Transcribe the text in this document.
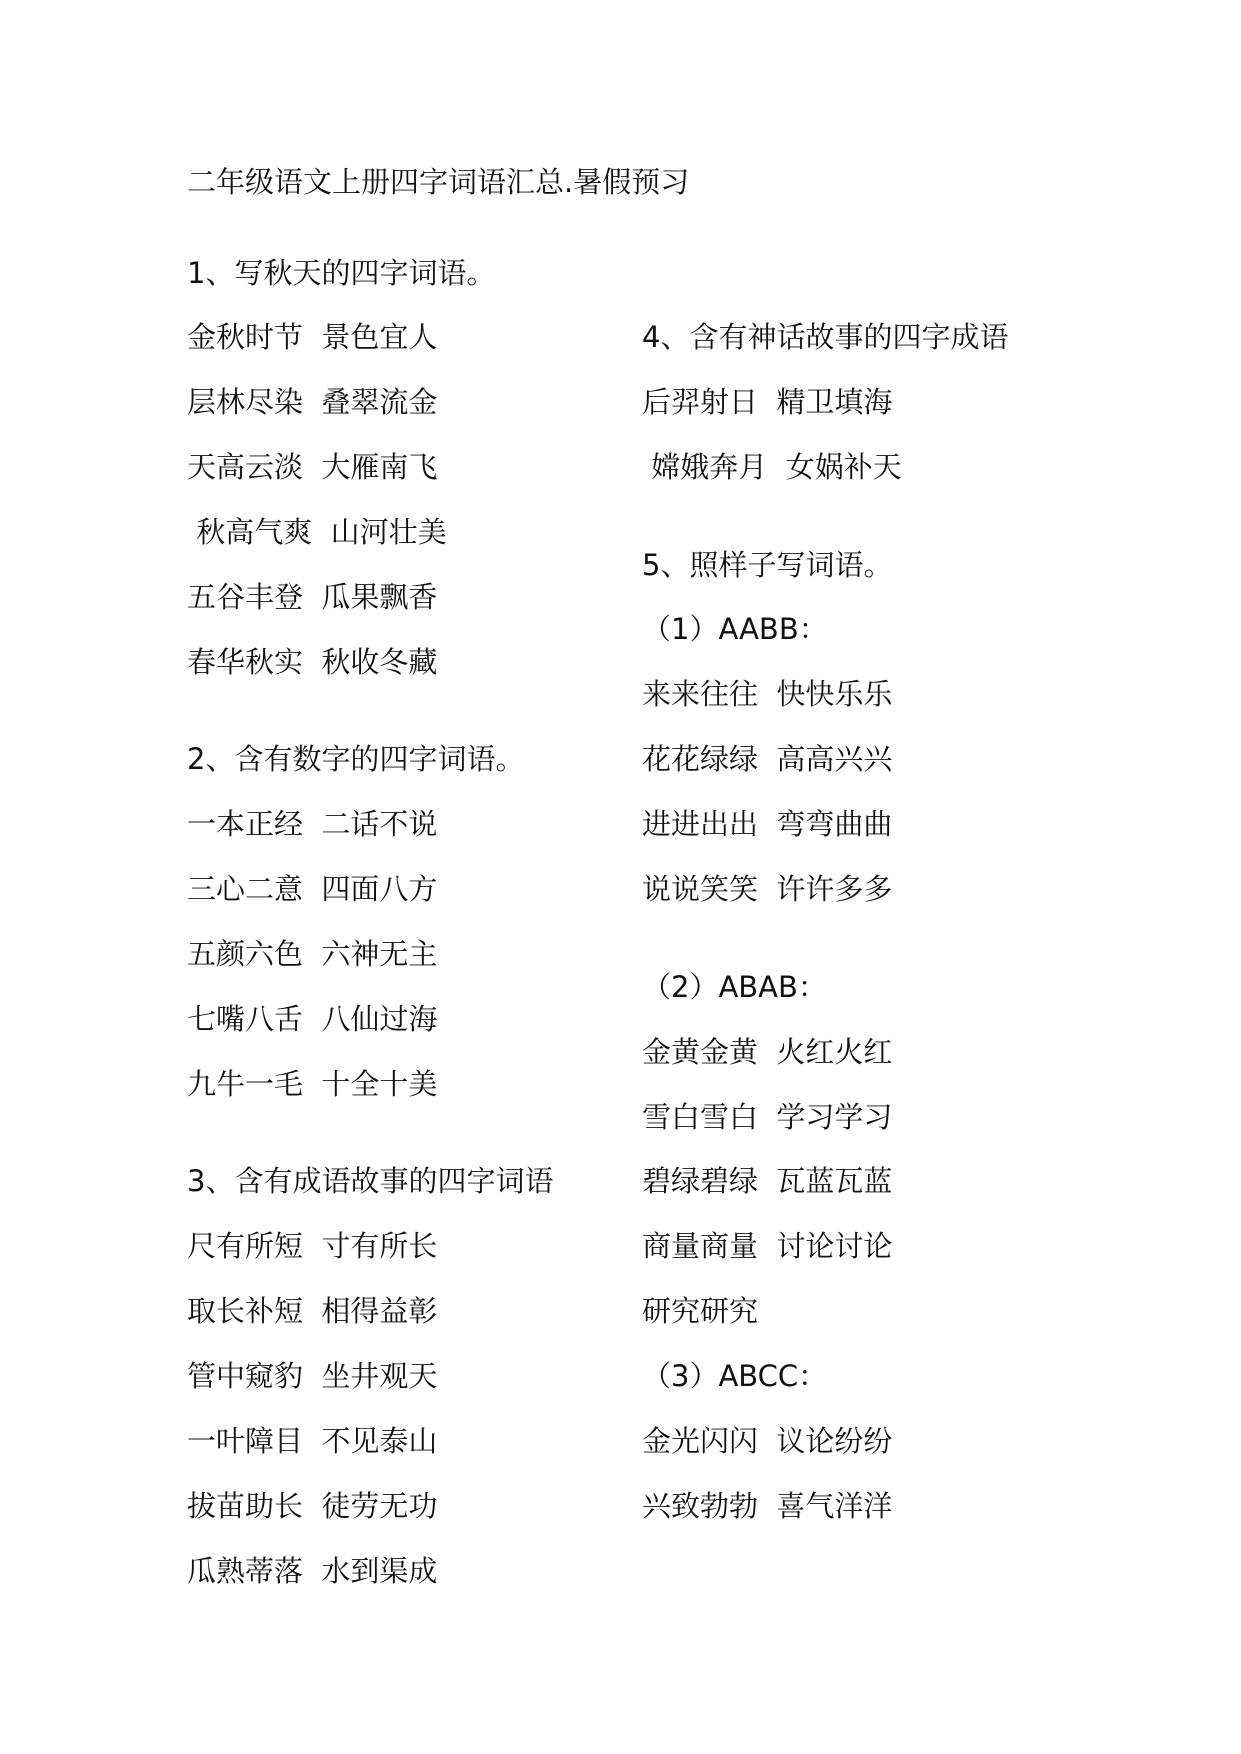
二年级语文上册四字词语汇总.暑假预习
1、写秋天的四字词语。
金秋时节  景色宜人
层林尽染  叠翠流金
天高云淡  大雁南飞
秋高气爽  山河壮美
五谷丰登  瓜果飘香
春华秋实  秋收冬藏
2、含有数字的四字词语。
一本正经  二话不说
三心二意  四面八方
五颜六色  六神无主
七嘴八舌  八仙过海
九牛一毛  十全十美
3、含有成语故事的四字词语
尺有所短  寸有所长
取长补短  相得益彰
管中窥豹  坐井观天
一叶障目  不见泰山
拔苗助长  徒劳无功
瓜熟蒂落  水到渠成
4、含有神话故事的四字成语
后羿射日  精卫填海
嫦娥奔月  女娲补天
5、照样子写词语。
（1）AABB：
来来往往  快快乐乐
花花绿绿  高高兴兴
进进出出  弯弯曲曲
说说笑笑  许许多多
（2）ABAB：
金黄金黄  火红火红
雪白雪白  学习学习
碧绿碧绿  瓦蓝瓦蓝
商量商量  讨论讨论
研究研究
（3）ABCC：
金光闪闪  议论纷纷
兴致勃勃  喜气洋洋
